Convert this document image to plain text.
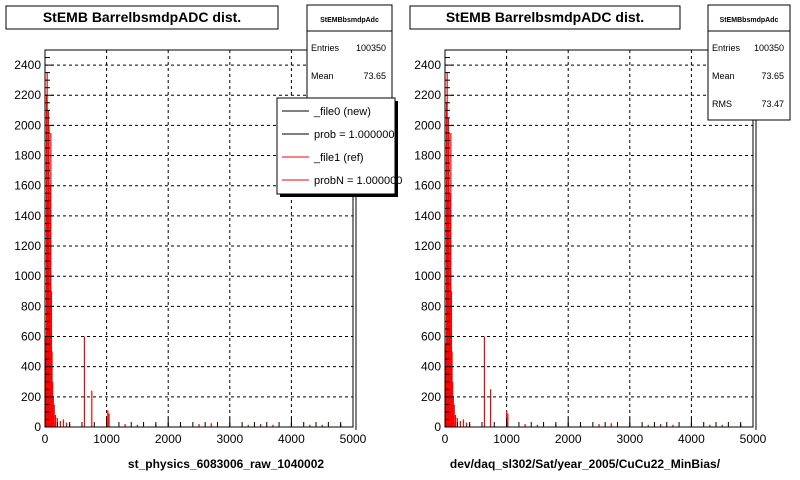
0	1000	2000	3000	4000	5000
0
200
400
600
800
1000
1200
1400
1600
1800
2000
2200
2400
st_physics_6083006_raw_1040002
StEMB BarrelbsmdpADC dist.	StEMBbsmdpAdc
Entries 100350
Mean	73.65
_file0 (new)
prob = 1.000000
_file1 (ref)
probN = 1.000000
0	1000	2000	3000	4000	5000
0
200
400
600
800
1000
1200
1400
1600
1800
2000
2200
2400
dev/daq_sl302/Sat/year_2005/CuCu22_MinBias/
StEMB BarrelbsmdpADC dist.	StEMBbsmdpAdc
Entries 100350
Mean	73.65
RMS	73.47
